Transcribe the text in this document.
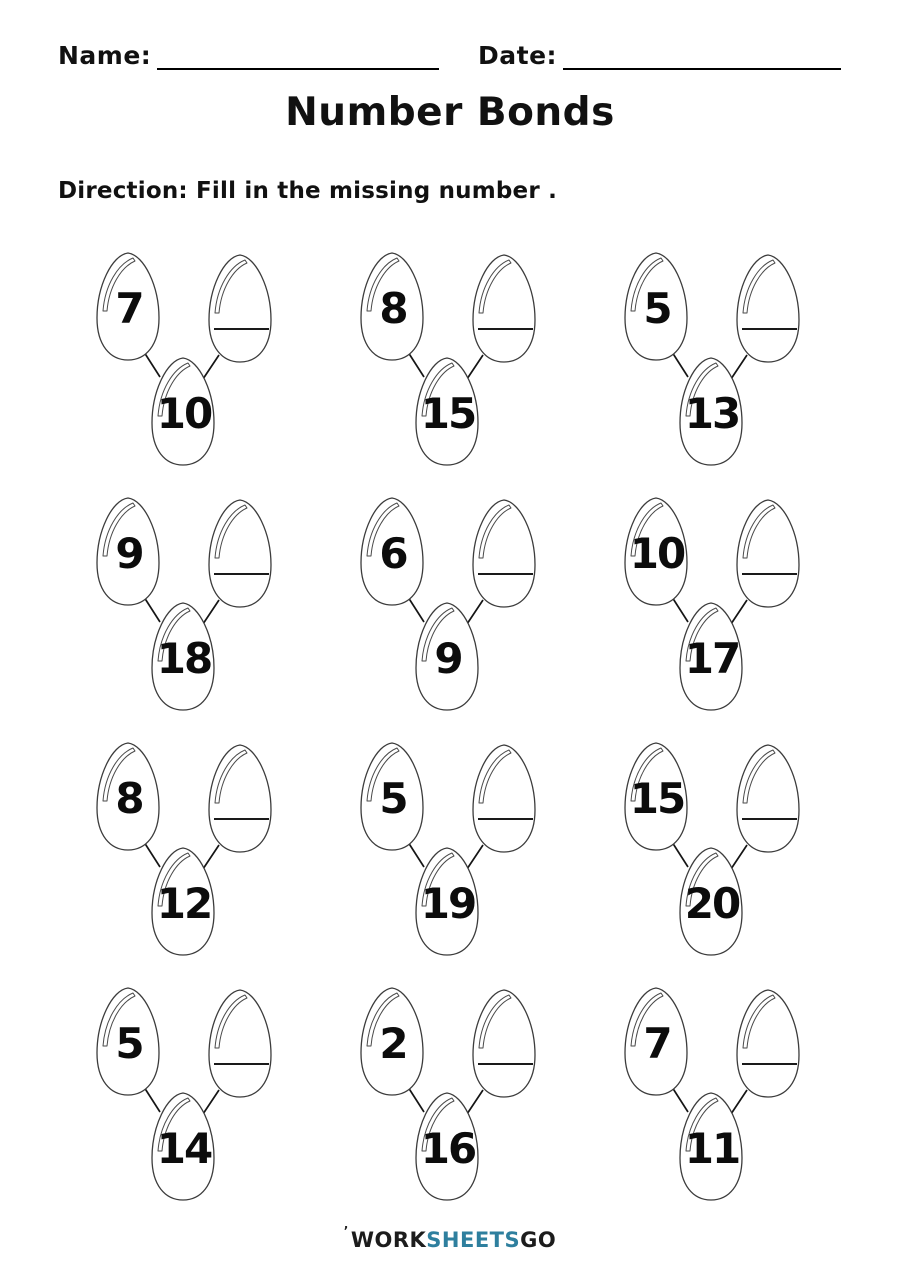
Name:	Date:
Number Bonds

Direction: Fill in the missing number .

7
10
8
15
5
13
9
18
6
9
10
17
8
12
5
19
15
20
5
14
2
16
7
11
’WORKSHEETSGO
